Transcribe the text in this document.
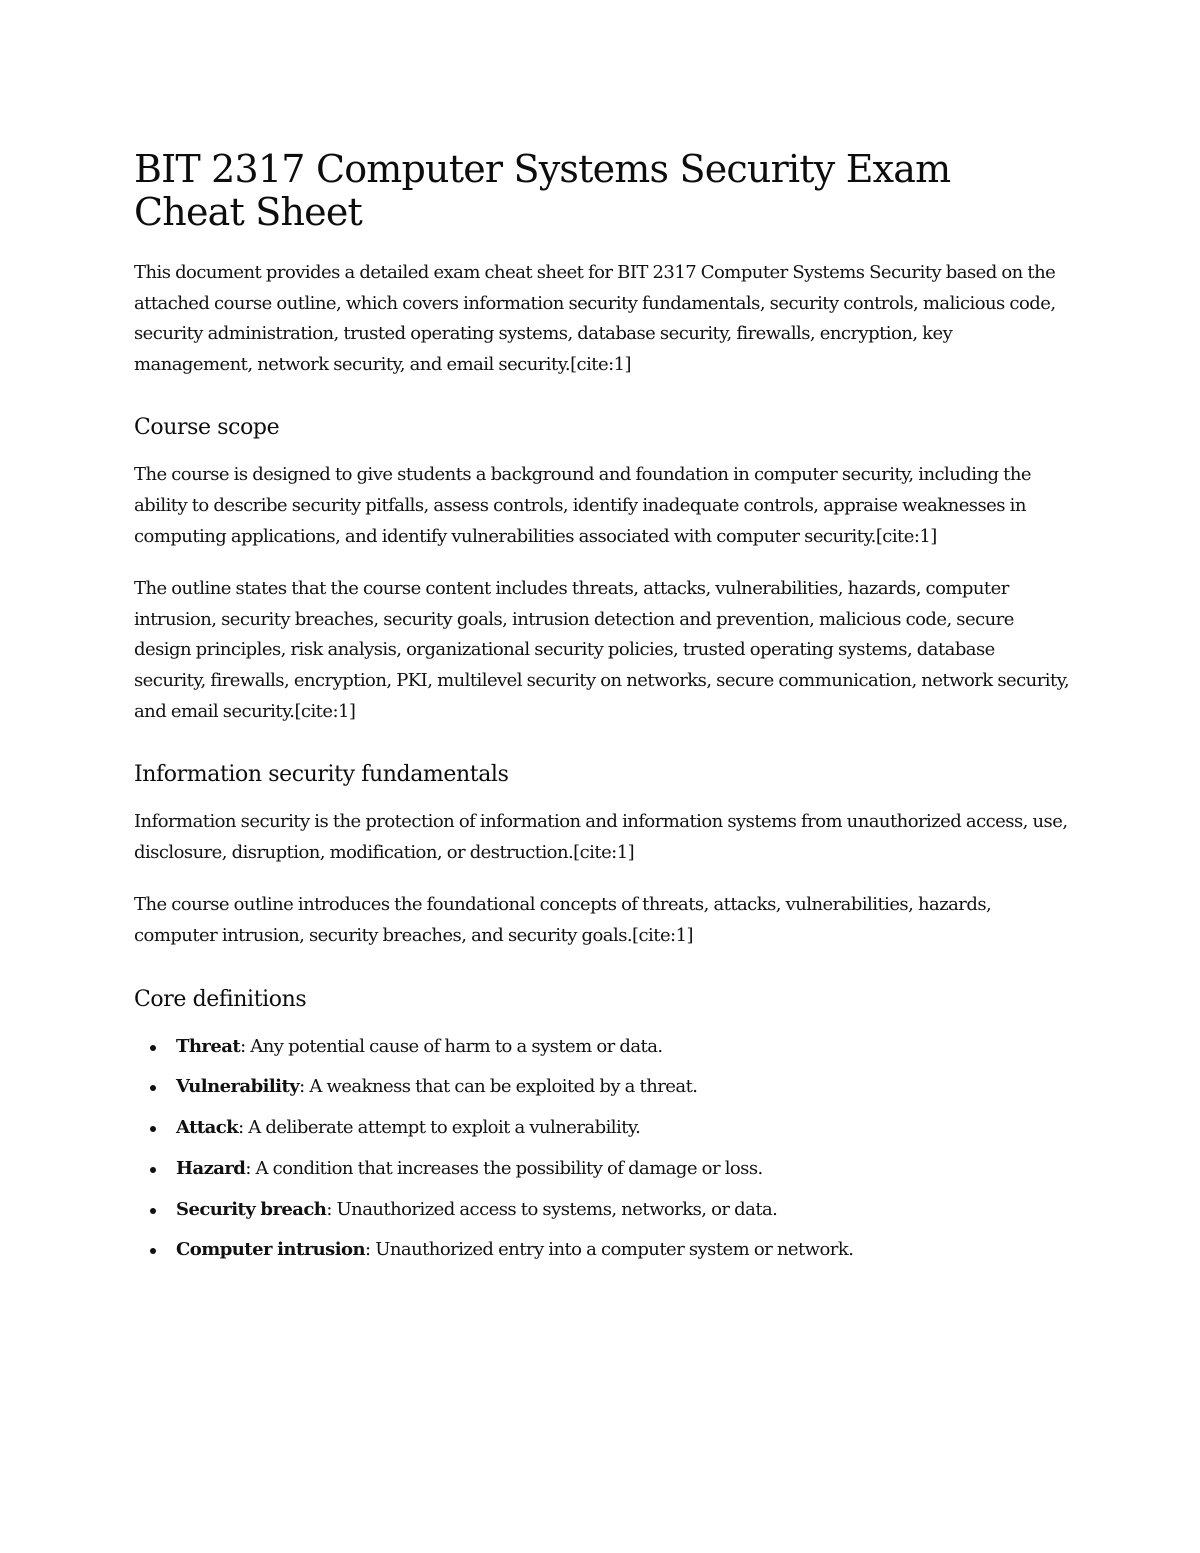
BIT 2317 Computer Systems Security Exam Cheat Sheet

This document provides a detailed exam cheat sheet for BIT 2317 Computer Systems Security based on the attached course outline, which covers information security fundamentals, security controls, malicious code, security administration, trusted operating systems, database security, firewalls, encryption, key management, network security, and email security.[cite:1]

Course scope

The course is designed to give students a background and foundation in computer security, including the ability to describe security pitfalls, assess controls, identify inadequate controls, appraise weaknesses in computing applications, and identify vulnerabilities associated with computer security.[cite:1]

The outline states that the course content includes threats, attacks, vulnerabilities, hazards, computer intrusion, security breaches, security goals, intrusion detection and prevention, malicious code, secure design principles, risk analysis, organizational security policies, trusted operating systems, database security, firewalls, encryption, PKI, multilevel security on networks, secure communication, network security, and email security.[cite:1]

Information security fundamentals

Information security is the protection of information and information systems from unauthorized access, use, disclosure, disruption, modification, or destruction.[cite:1]

The course outline introduces the foundational concepts of threats, attacks, vulnerabilities, hazards, computer intrusion, security breaches, and security goals.[cite:1]

Core definitions
Threat: Any potential cause of harm to a system or data.
Vulnerability: A weakness that can be exploited by a threat.
Attack: A deliberate attempt to exploit a vulnerability.
Hazard: A condition that increases the possibility of damage or loss.
Security breach: Unauthorized access to systems, networks, or data.
Computer intrusion: Unauthorized entry into a computer system or network.
